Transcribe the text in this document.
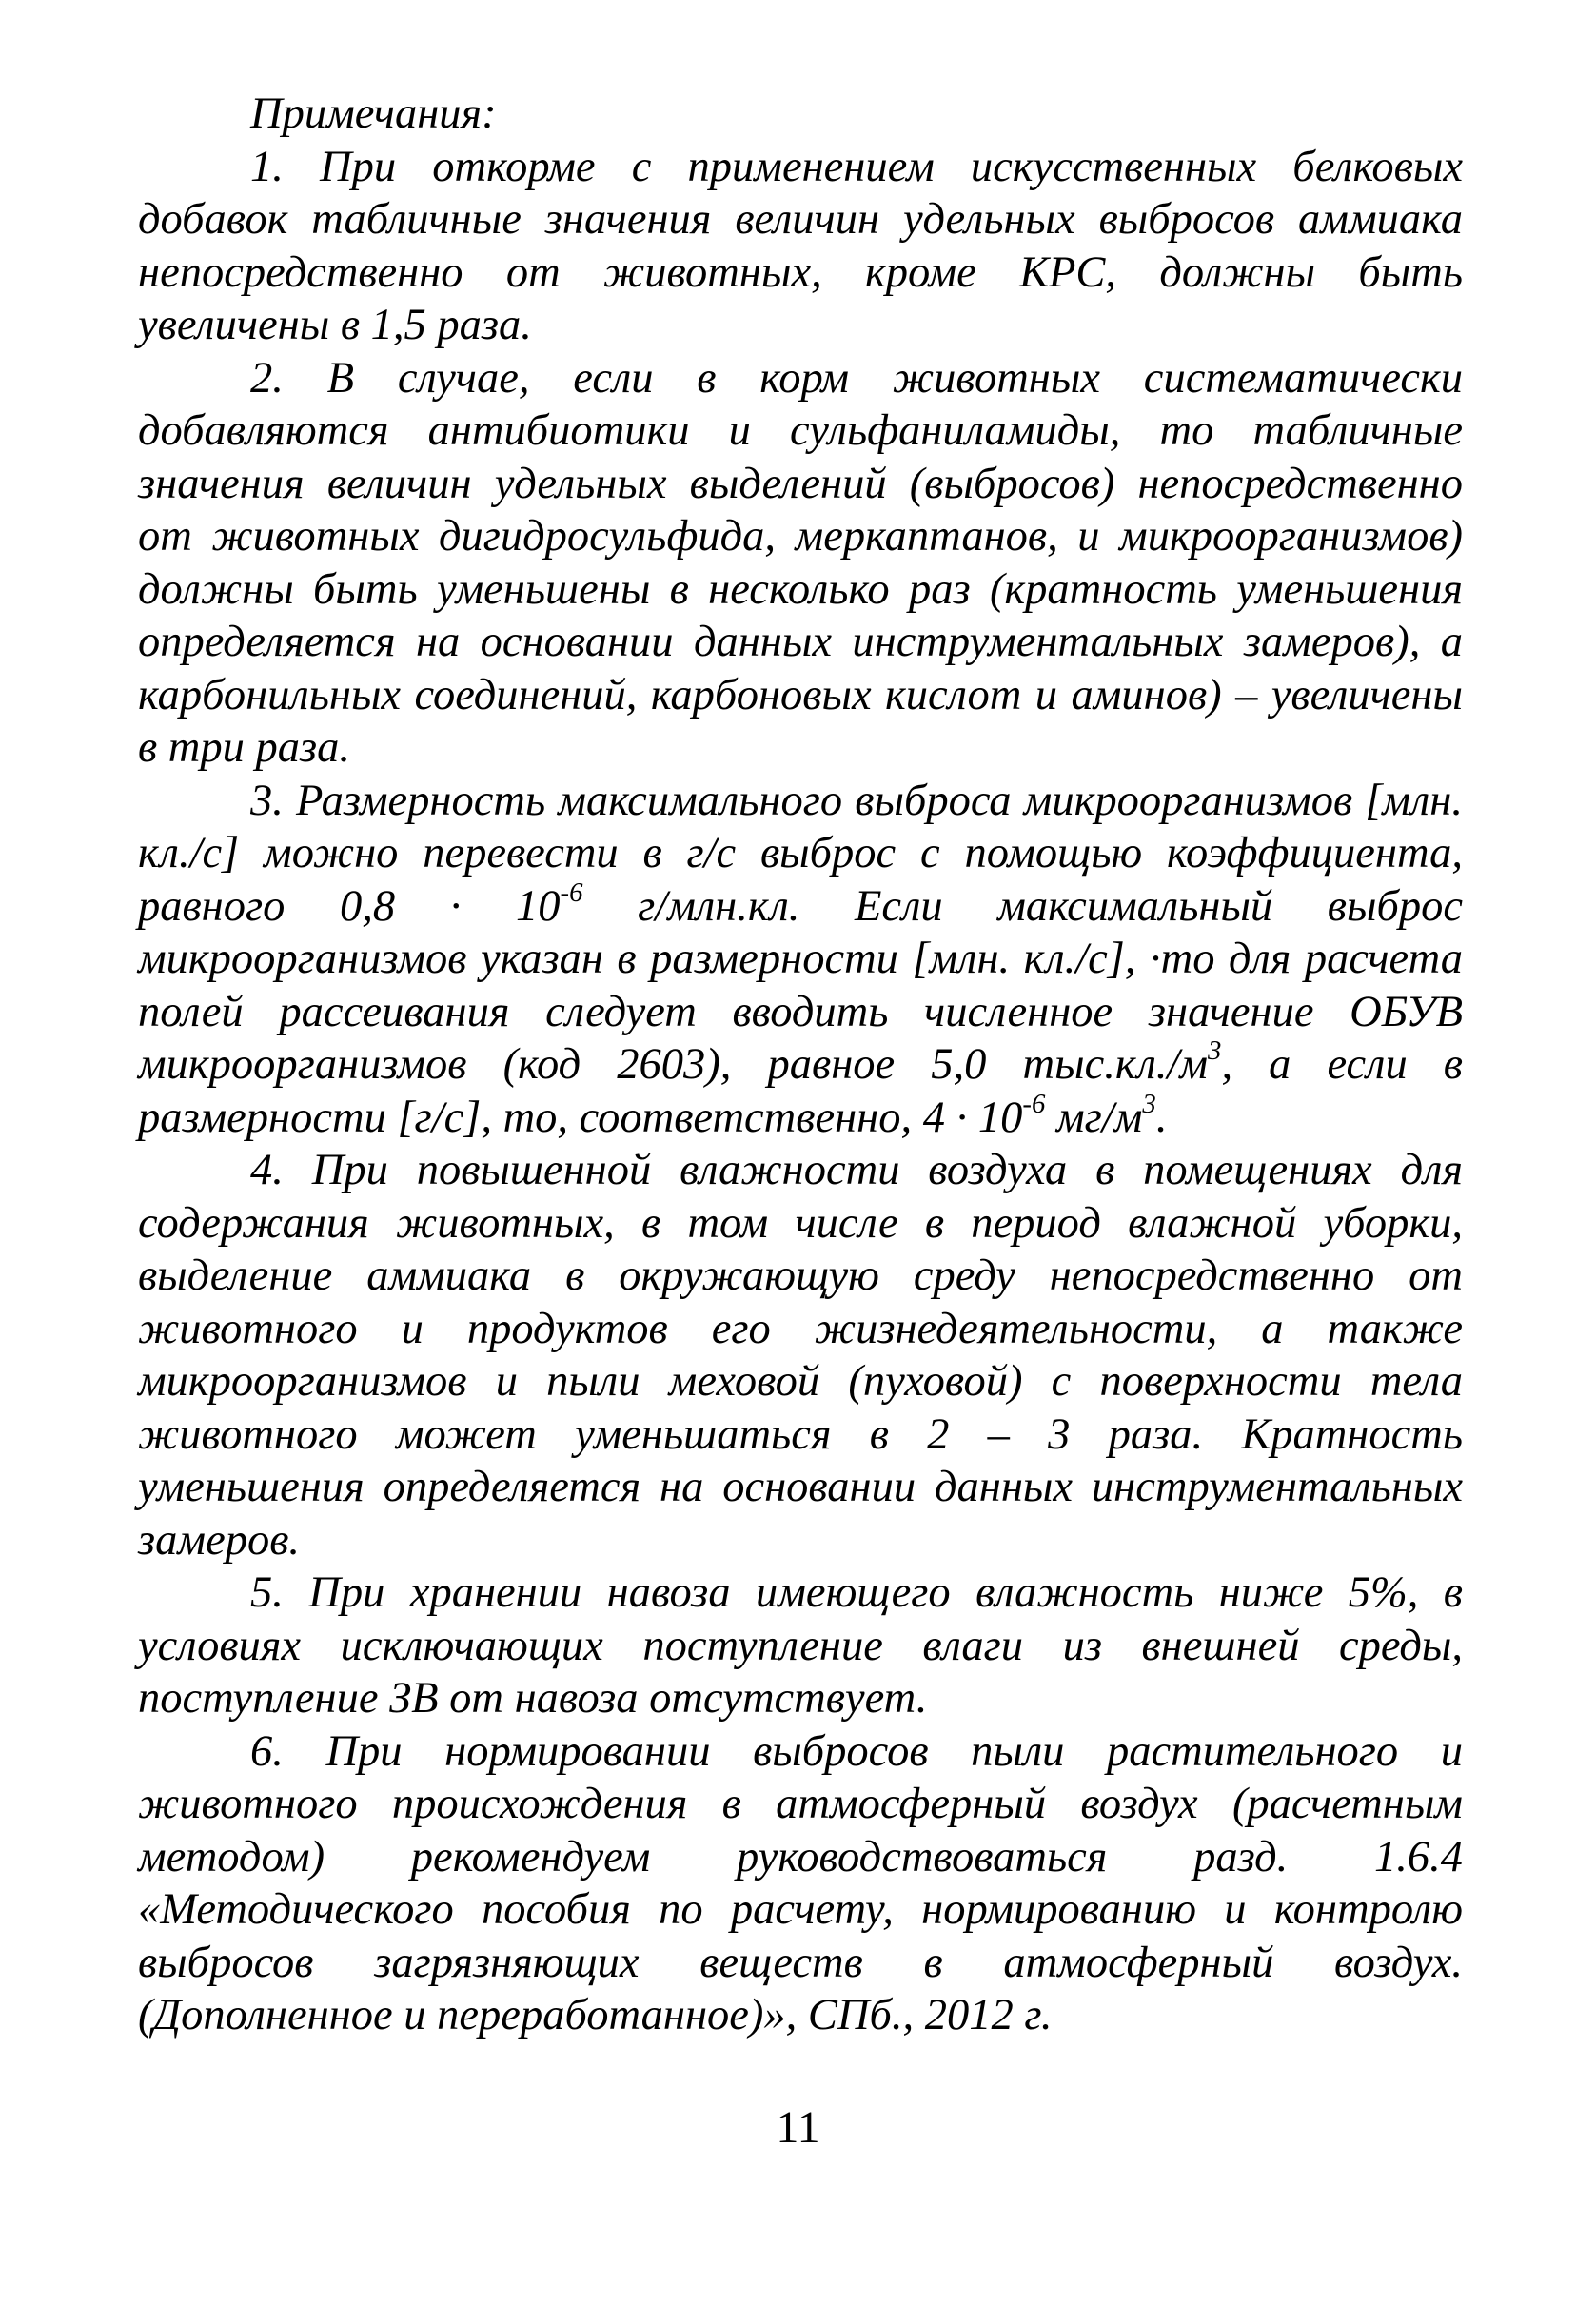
Примечания:

1. При откорме с применением искусственных белковых добавок табличные значения величин удельных выбросов аммиака непосредственно от животных, кроме КРС, должны быть увеличены в 1,5 раза.

2. В случае, если в корм животных систематически добавляются антибиотики и сульфаниламиды, то табличные значения величин удельных выделений (выбросов) непосредственно от животных дигидросульфида, меркаптанов, и микроорганизмов) должны быть уменьшены в несколько раз (кратность уменьшения определяется на основании данных инструментальных замеров), а карбонильных соединений, карбоновых кислот и аминов) – увеличены в три раза.

3. Размерность максимального выброса микроорганизмов [млн. кл./с] можно перевести в г/с выброс с помощью коэффициента, равного $0,8 \cdot 10^{-6}$ г/млн.кл. Если максимальный выброс микроорганизмов указан в размерности [млн. кл./с], ·то для расчета полей рассеивания следует вводить численное значение ОБУВ микроорганизмов (код 2603), равное 5,0 $тыс.кл./м^3$, а если в размерности [г/с], то, соответственно, $4 \cdot 10^{-6}$ $мг/м^3$.

4. При повышенной влажности воздуха в помещениях для содержания животных, в том числе в период влажной уборки, выделение аммиака в окружающую среду непосредственно от животного и продуктов его жизнедеятельности, а также микроорганизмов и пыли меховой (пуховой) с поверхности тела животного может уменьшаться в 2 – 3 раза. Кратность уменьшения определяется на основании данных инструментальных замеров.

5. При хранении навоза имеющего влажность ниже 5%, в условиях исключающих поступление влаги из внешней среды, поступление ЗВ от навоза отсутствует.

6. При нормировании выбросов пыли растительного и животного происхождения в атмосферный воздух (расчетным методом) рекомендуем руководствоваться разд. 1.6.4 «Методического пособия по расчету, нормированию и контролю выбросов загрязняющих веществ в атмосферный воздух. (Дополненное и переработанное)», СПб., 2012 г.

11
